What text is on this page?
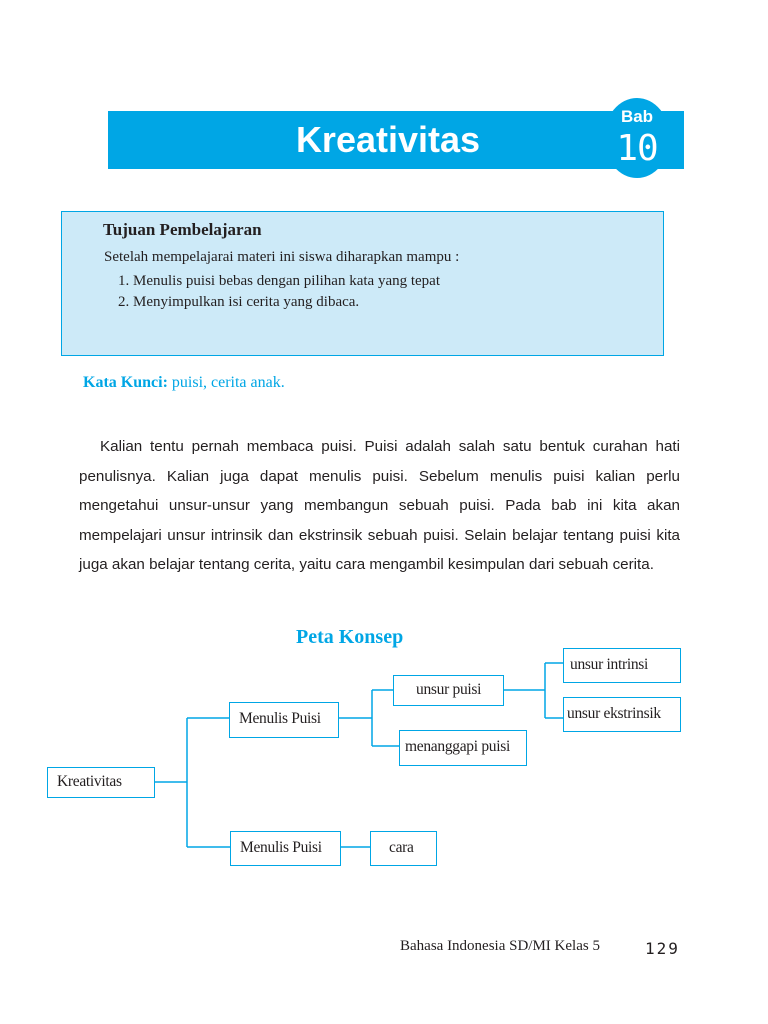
Kreativitas
Bab
10
Tujuan Pembelajaran
Setelah mempelajarai materi ini siswa diharapkan mampu :
1. Menulis puisi bebas dengan pilihan kata yang tepat
2. Menyimpulkan isi cerita yang dibaca.
Kata Kunci: puisi, cerita anak.

Kalian tentu pernah membaca puisi. Puisi adalah salah satu bentuk curahan hati penulisnya. Kalian juga dapat menulis puisi. Sebelum menulis puisi kalian perlu mengetahui unsur-unsur yang membangun sebuah puisi. Pada bab ini kita akan mempelajari unsur intrinsik dan ekstrinsik sebuah puisi. Selain belajar tentang puisi kita juga akan belajar tentang cerita, yaitu cara mengambil kesimpulan dari sebuah cerita.

Peta Konsep
Kreativitas
Menulis Puisi
Menulis Puisi
unsur puisi
menanggapi puisi
unsur intrinsi
unsur ekstrinsik
cara
Bahasa Indonesia SD/MI Kelas 5	129
